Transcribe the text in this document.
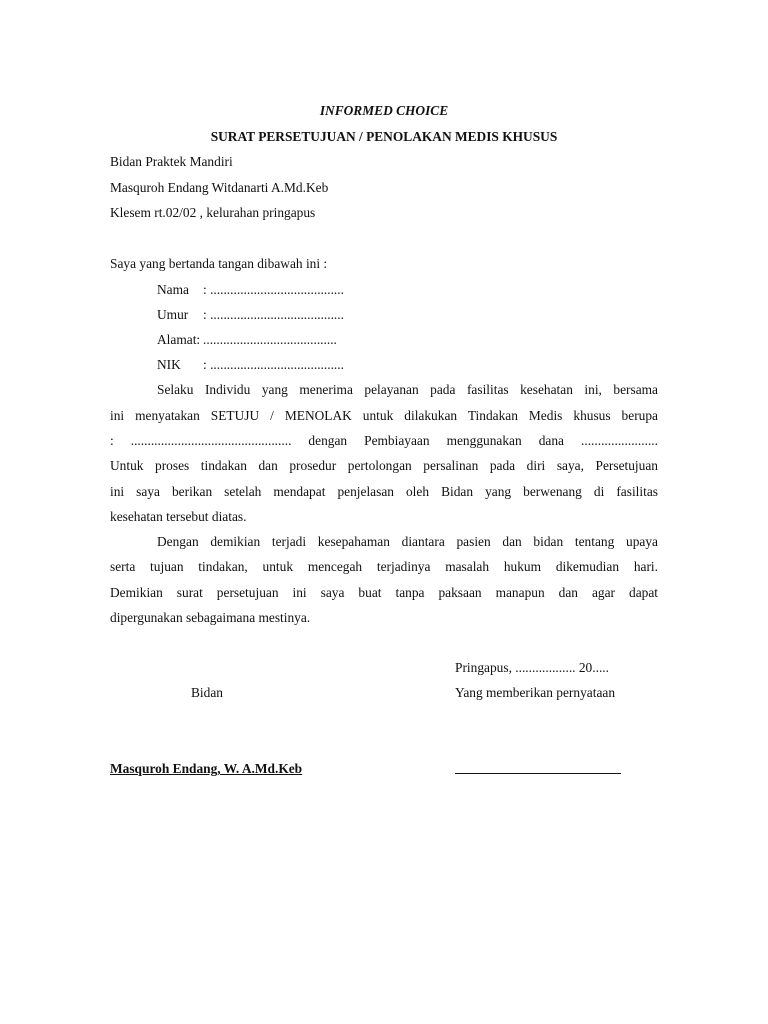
INFORMED CHOICE
SURAT PERSETUJUAN / PENOLAKAN MEDIS KHUSUS
Bidan Praktek Mandiri
Masquroh Endang Witdanarti A.Md.Keb
Klesem rt.02/02 , kelurahan pringapus
Saya yang bertanda tangan dibawah ini :
Nama : ........................................
Umur : ........................................
Alamat: ........................................
NIK : ........................................
Selaku Individu yang menerima pelayanan pada fasilitas kesehatan ini, bersama
ini menyatakan SETUJU / MENOLAK untuk dilakukan Tindakan Medis khusus berupa
: ................................................ dengan Pembiayaan menggunakan dana .......................
Untuk proses tindakan dan prosedur pertolongan persalinan pada diri saya, Persetujuan
ini saya berikan setelah mendapat penjelasan oleh Bidan yang berwenang di fasilitas
kesehatan tersebut diatas.
Dengan demikian terjadi kesepahaman diantara pasien dan bidan tentang upaya
serta tujuan tindakan, untuk mencegah terjadinya masalah hukum dikemudian hari.
Demikian surat persetujuan ini saya buat tanpa paksaan manapun dan agar dapat
dipergunakan sebagaimana mestinya.
Pringapus, .................. 20.....
Bidan	Yang memberikan pernyataan
Masquroh Endang, W. A.Md.Keb
